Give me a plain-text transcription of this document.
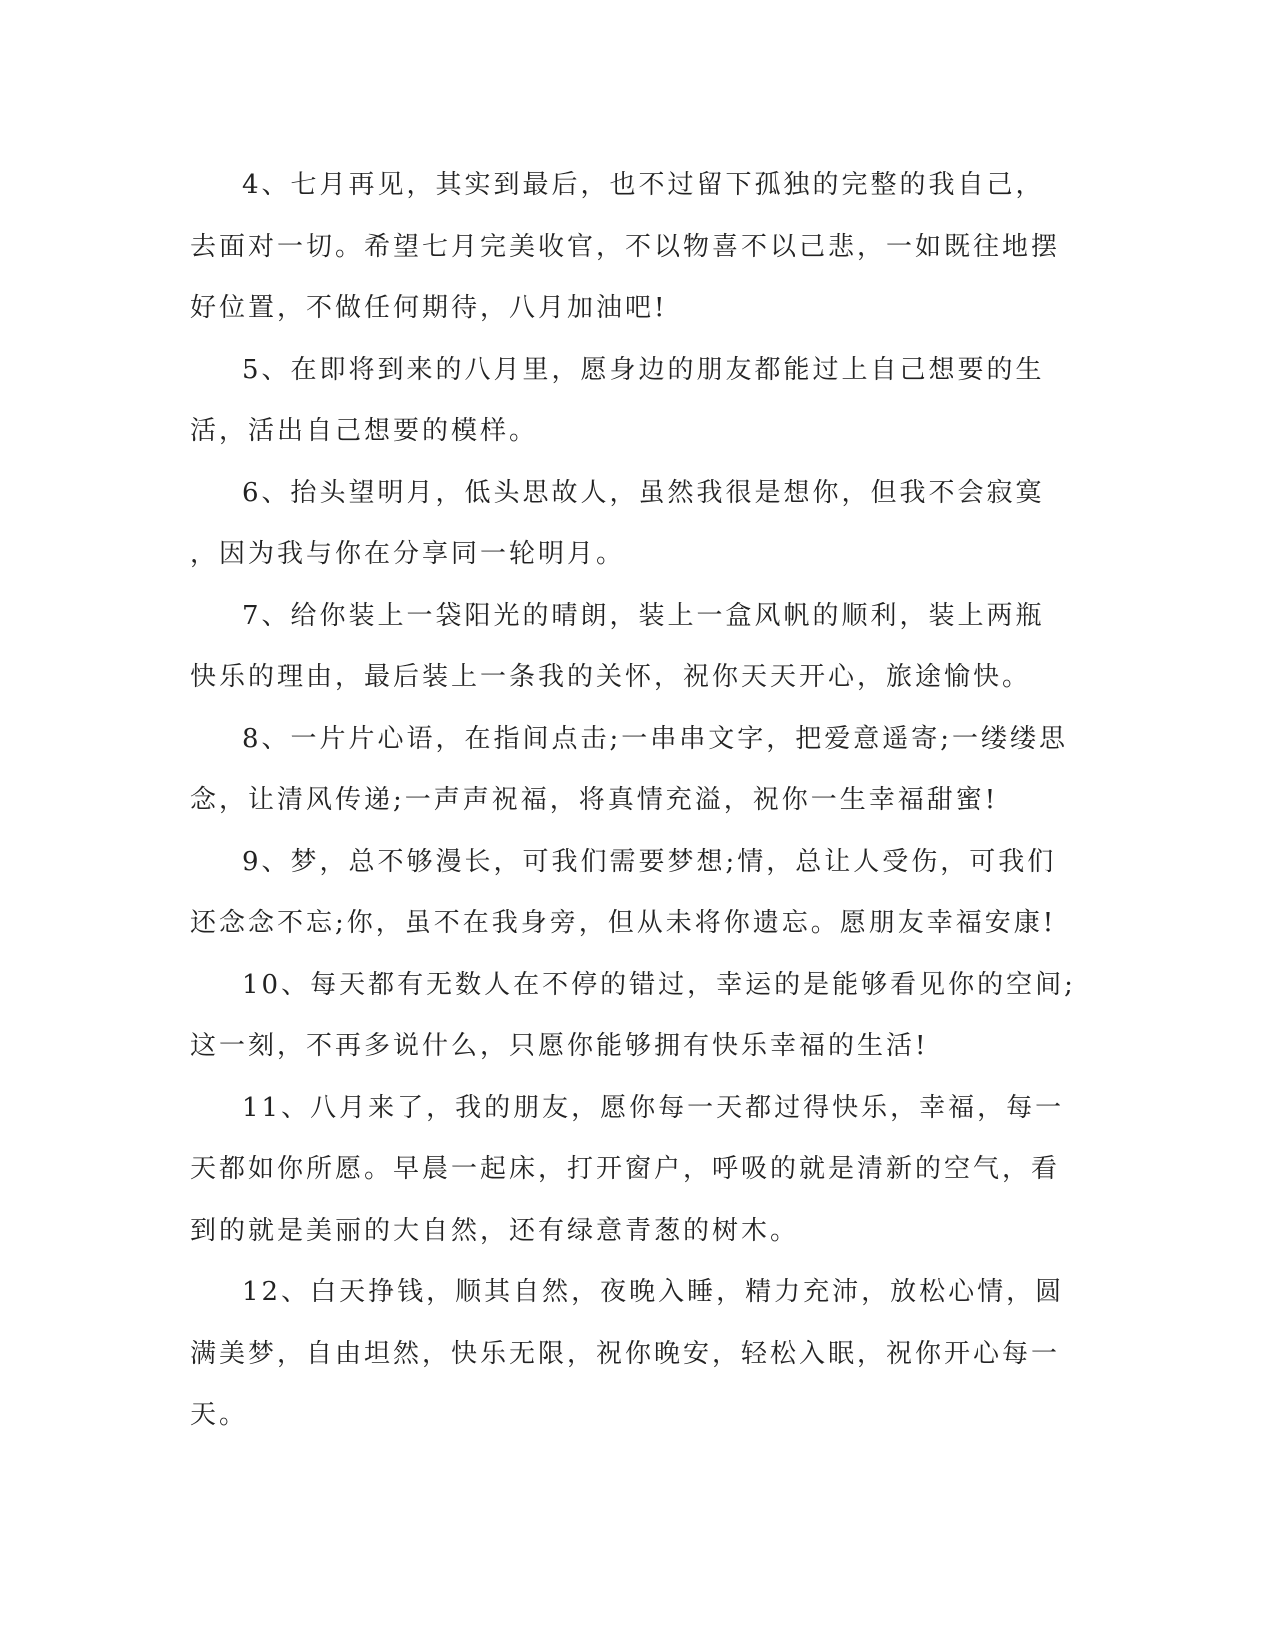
4、七月再见，其实到最后，也不过留下孤独的完整的我自己，
去面对一切。希望七月完美收官，不以物喜不以己悲，一如既往地摆
好位置，不做任何期待，八月加油吧!

5、在即将到来的八月里，愿身边的朋友都能过上自己想要的生
活，活出自己想要的模样。

6、抬头望明月，低头思故人，虽然我很是想你，但我不会寂寞
，因为我与你在分享同一轮明月。

7、给你装上一袋阳光的晴朗，装上一盒风帆的顺利，装上两瓶
快乐的理由，最后装上一条我的关怀，祝你天天开心，旅途愉快。

8、一片片心语，在指间点击;一串串文字，把爱意遥寄;一缕缕思
念，让清风传递;一声声祝福，将真情充溢，祝你一生幸福甜蜜!

9、梦，总不够漫长，可我们需要梦想;情，总让人受伤，可我们
还念念不忘;你，虽不在我身旁，但从未将你遗忘。愿朋友幸福安康!

10、每天都有无数人在不停的错过，幸运的是能够看见你的空间;
这一刻，不再多说什么，只愿你能够拥有快乐幸福的生活!

11、八月来了，我的朋友，愿你每一天都过得快乐，幸福，每一
天都如你所愿。早晨一起床，打开窗户，呼吸的就是清新的空气，看
到的就是美丽的大自然，还有绿意青葱的树木。

12、白天挣钱，顺其自然，夜晚入睡，精力充沛，放松心情，圆
满美梦，自由坦然，快乐无限，祝你晚安，轻松入眠，祝你开心每一
天。
